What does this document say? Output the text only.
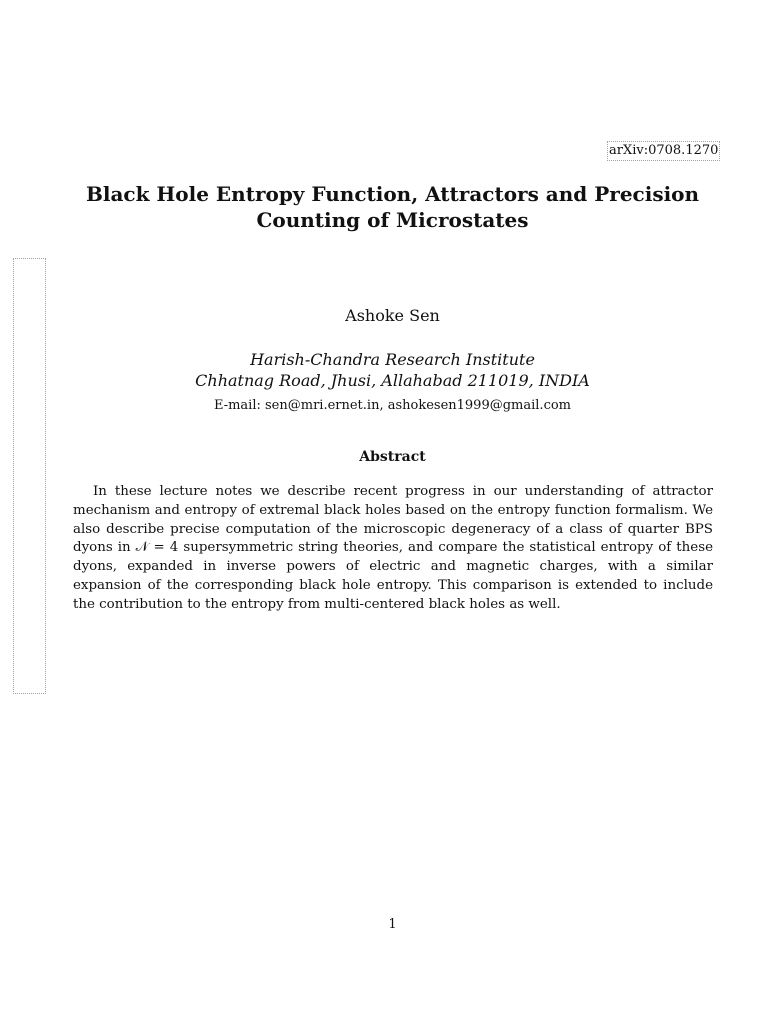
arXiv:0708.1270
Black Hole Entropy Function, Attractors and Precision Counting of Microstates
Ashoke Sen
Harish-Chandra Research Institute
Chhatnag Road, Jhusi, Allahabad 211019, INDIA
E-mail: sen@mri.ernet.in, ashokesen1999@gmail.com
Abstract

In these lecture notes we describe recent progress in our understanding of attractor mechanism and entropy of extremal black holes based on the entropy function formalism. We also describe precise computation of the microscopic degeneracy of a class of quarter BPS dyons in 𝒩 = 4 supersymmetric string theories, and compare the statistical entropy of these dyons, expanded in inverse powers of electric and magnetic charges, with a similar expansion of the corresponding black hole entropy. This comparison is extended to include the contribution to the entropy from multi-centered black holes as well.

1
